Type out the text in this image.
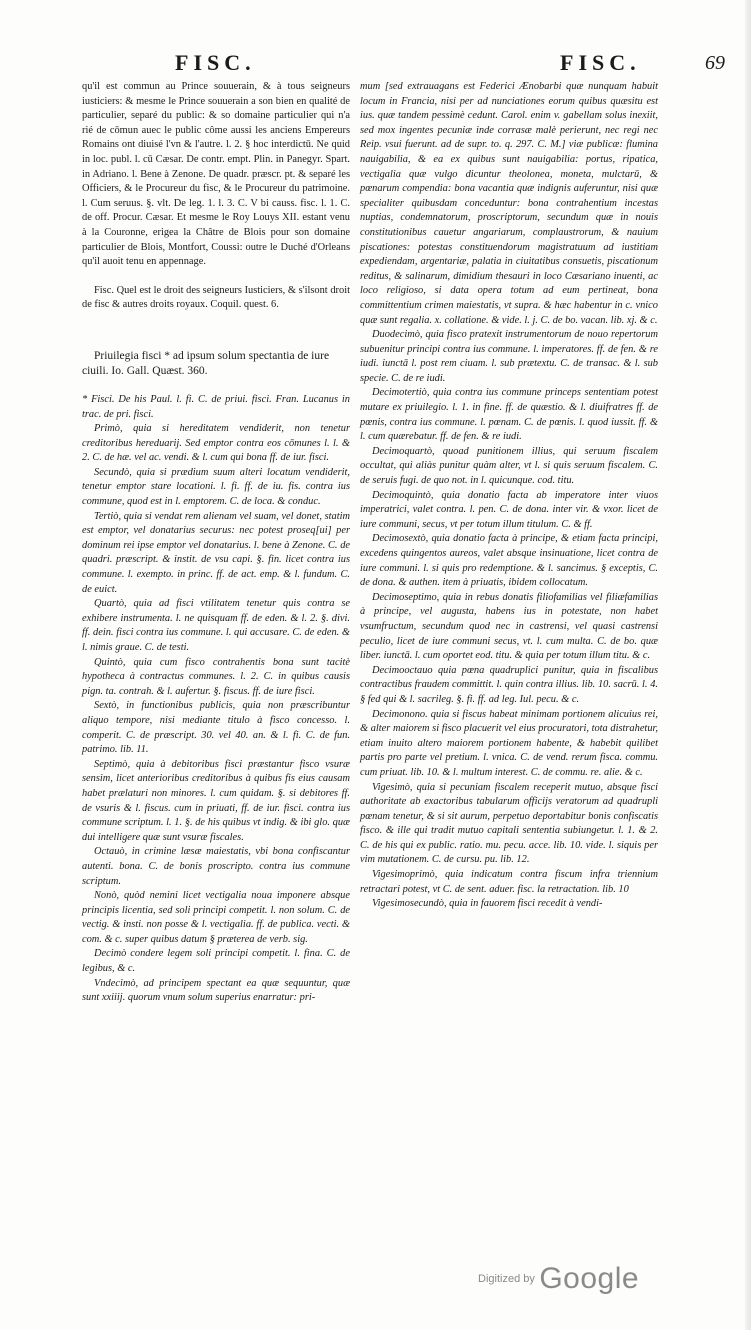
FISC.	FISC.	69

qu'il est commun au Prince souuerain, & à tous seigneurs iusticiers: & mesme le Prince souuerain a son bien en qualité de particulier, separé du public: & so domaine particulier qui n'a rié de cōmun auec le public côme aussi les anciens Empereurs Romains ont diuisé l'vn & l'autre. l. 2. § hoc interdictū. Ne quid in loc. publ. l. cū Cæsar. De contr. empt. Plin. in Panegyr. Spart. in Adriano. l. Bene à Zenone. De quadr. præscr. pt. & separé les Officiers, & le Procureur du fisc, & le Procureur du patrimoine. l. Cum seruus. §. vlt. De leg. 1. l. 3. C. V bi causs. fisc. l. 1. C. de off. Procur. Cæsar. Et mesme le Roy Louys XII. estant venu à la Couronne, erigea la Châtre de Blois pour son domaine particulier de Blois, Montfort, Coussi: outre le Duché d'Orleans qu'il auoit tenu en appennage.

Fisc. Quel est le droit des seigneurs Iusticiers, & s'ilsont droit de fisc & autres droits royaux. Coquil. quest. 6.

Priuilegia fisci * ad ipsum solum spectantia de iure ciuili. Io. Gall. Quæst. 360.

* Fisci. De his Paul. l. fi. C. de priui. fisci. Fran. Lucanus in trac. de pri. fisci.

Primò, quia si hereditatem vendiderit, non tenetur creditoribus hereduarij. Sed emptor contra eos cōmunes l. l. & 2. C. de hæ. vel ac. vendi. & l. cum qui bona ff. de iur. fisci.

Secundò, quia si prædium suum alteri locatum vendiderit, tenetur emptor stare locationi. l. fi. ff. de iu. fis. contra ius commune, quod est in l. emptorem. C. de loca. & conduc.

Tertiò, quia si vendat rem alienam vel suam, vel donet, statim est emptor, vel donatarius securus: nec potest proseq[ui] per dominum rei ipse emptor vel donatarius. l. bene à Zenone. C. de quadri. præscript. & instit. de vsu capi. §. fin. licet contra ius commune. l. exempto. in princ. ff. de act. emp. & l. fundum. C. de euict.

Quartò, quia ad fisci vtilitatem tenetur quis contra se exhibere instrumenta. l. ne quisquam ff. de eden. & l. 2. §. divi. ff. dein. fisci contra ius commune. l. qui accusare. C. de eden. & l. nimis graue. C. de testi.

Quintò, quia cum fisco contrahentis bona sunt tacitè hypotheca à contractus communes. l. 2. C. in quibus causis pign. ta. contrah. & l. aufertur. §. fiscus. ff. de iure fisci.

Sextò, in functionibus publicis, quia non præscribuntur aliquo tempore, nisi mediante titulo à fisco concesso. l. comperit. C. de præscript. 30. vel 40. an. & l. fi. C. de fun. patrimo. lib. 11.

Septimò, quia à debitoribus fisci præstantur fisco vsuræ sensim, licet anterioribus creditoribus à quibus fis eius causam habet prælaturi non minores. l. cum quidam. §. si debitores ff. de vsuris & l. fiscus. cum in priuati, ff. de iur. fisci. contra ius commune scriptum. l. 1. §. de his quibus vt indig. & ibi glo. quæ dui intelligere quæ sunt vsuræ fiscales.

Octauò, in crimine læsæ maiestatis, vbi bona confiscantur autenti. bona. C. de bonis proscripto. contra ius commune scriptum.

Nonò, quòd nemini licet vectigalia noua imponere absque principis licentia, sed soli principi competit. l. non solum. C. de vectig. & insti. non posse & l. vectigalia. ff. de publica. vecti. & com. & c. super quibus datum § præterea de verb. sig.

Decimò condere legem soli principi competit. l. fina. C. de legibus, & c.

Vndecimò, ad principem spectant ea quæ sequuntur, quæ sunt xxiiij. quorum vnum solum superius enarratur: pri-

mum [sed extrauagans est Federici Ænobarbi quæ nunquam habuit locum in Francia, nisi per ad nunciationes eorum quibus quæsitu est ius. quæ tandem pessimè cedunt. Carol. enim v. gabellam solus inexiit, sed mox ingentes pecuniæ inde corrasæ malè perierunt, nec regi nec Reip. vsui fuerunt. ad de supr. to. q. 297. C. M.] viæ publicæ: flumina nauigabilia, & ea ex quibus sunt nauigabilia: portus, ripatica, vectigalia quæ vulgo dicuntur theolonea, moneta, mulctarū, & pœnarum compendia: bona vacantia quæ indignis auferuntur, nisi quæ specialiter quibusdam conceduntur: bona contrahentium incestas nuptias, condemnatorum, proscriptorum, secundum quæ in nouis constitutionibus cauetur angariarum, complaustrorum, & nauium piscationes: potestas constituendorum magistratuum ad iustitiam expediendam, argentariæ, palatia in ciuitatibus consuetis, piscationum reditus, & salinarum, dimidium thesauri in loco Cæsariano inuenti, ac loco religioso, si data opera totum ad eum pertineat, bona committentium crimen maiestatis, vt supra. & hæc habentur in c. vnico quæ sunt regalia. x. collatione. & vide. l. j. C. de bo. vacan. lib. xj. & c.

Duodecimò, quia fisco pratexit instrumentorum de nouo repertorum subuenitur principi contra ius commune. l. imperatores. ff. de fen. & re iudi. iunctā l. post rem ciuam. l. sub prætextu. C. de transac. & l. sub specie. C. de re iudi.

Decimotertiò, quia contra ius commune princeps sententiam potest mutare ex priuilegio. l. 1. in fine. ff. de quæstio. & l. diuifratres ff. de pœnis, contra ius commune. l. pœnam. C. de pœnis. l. quod iussit. ff. & l. cum quærebatur. ff. de fen. & re iudi.

Decimoquartò, quoad punitionem illius, qui seruum fiscalem occultat, qui aliàs punitur quàm alter, vt l. si quis seruum fiscalem. C. de seruis fugi. de quo not. in l. quicunque. cod. titu.

Decimoquintò, quia donatio facta ab imperatore inter viuos imperatrici, valet contra. l. pen. C. de dona. inter vir. & vxor. licet de iure communi, secus, vt per totum illum titulum. C. & ff.

Decimosextò, quia donatio facta à principe, & etiam facta principi, excedens quingentos aureos, valet absque insinuatione, licet contra de iure communi. l. si quis pro redemptione. & l. sancimus. § exceptis, C. de dona. & authen. item à priuatis, ibidem collocatum.

Decimoseptimo, quia in rebus donatis filiofamilias vel filiæfamilias à principe, vel augusta, habens ius in potestate, non habet vsumfructum, secundum quod nec in castrensi, vel quasi castrensi peculio, licet de iure communi secus, vt. l. cum multa. C. de bo. quæ liber. iunctā. l. cum oportet eod. titu. & quia per totum illum titu. & c.

Decimooctauo quia pœna quadruplici punitur, quia in fiscalibus contractibus fraudem committit. l. quin contra illius. lib. 10. sacrū. l. 4. § fed qui & l. sacrileg. §. fi. ff. ad leg. Iul. pecu. & c.

Decimonono. quia si fiscus habeat minimam portionem alicuius rei, & alter maiorem si fisco placuerit vel eius procuratori, tota distrahetur, etiam inuito altero maiorem portionem habente, & habebit quilibet partis pro parte vel pretium. l. vnica. C. de vend. rerum fisca. commu. cum priuat. lib. 10. & l. multum interest. C. de commu. re. alie. & c.

Vigesimò, quia si pecuniam fiscalem receperit mutuo, absque fisci authoritate ab exactoribus tabularum officijs veratorum ad quadrupli pœnam tenetur, & si sit aurum, perpetuo deportabitur bonis confiscatis fisco. & ille qui tradit mutuo capitali sententia subiungetur. l. 1. & 2. C. de his qui ex public. ratio. mu. pecu. acce. lib. 10. vide. l. siquis per vim mutationem. C. de cursu. pu. lib. 12.

Vigesimoprimò, quia indicatum contra fiscum infra triennium retractari potest, vt C. de sent. aduer. fisc. la retractation. lib. 10

Vigesimosecundò, quia in fauorem fisci recedit à vendi-

Digitized by Google
